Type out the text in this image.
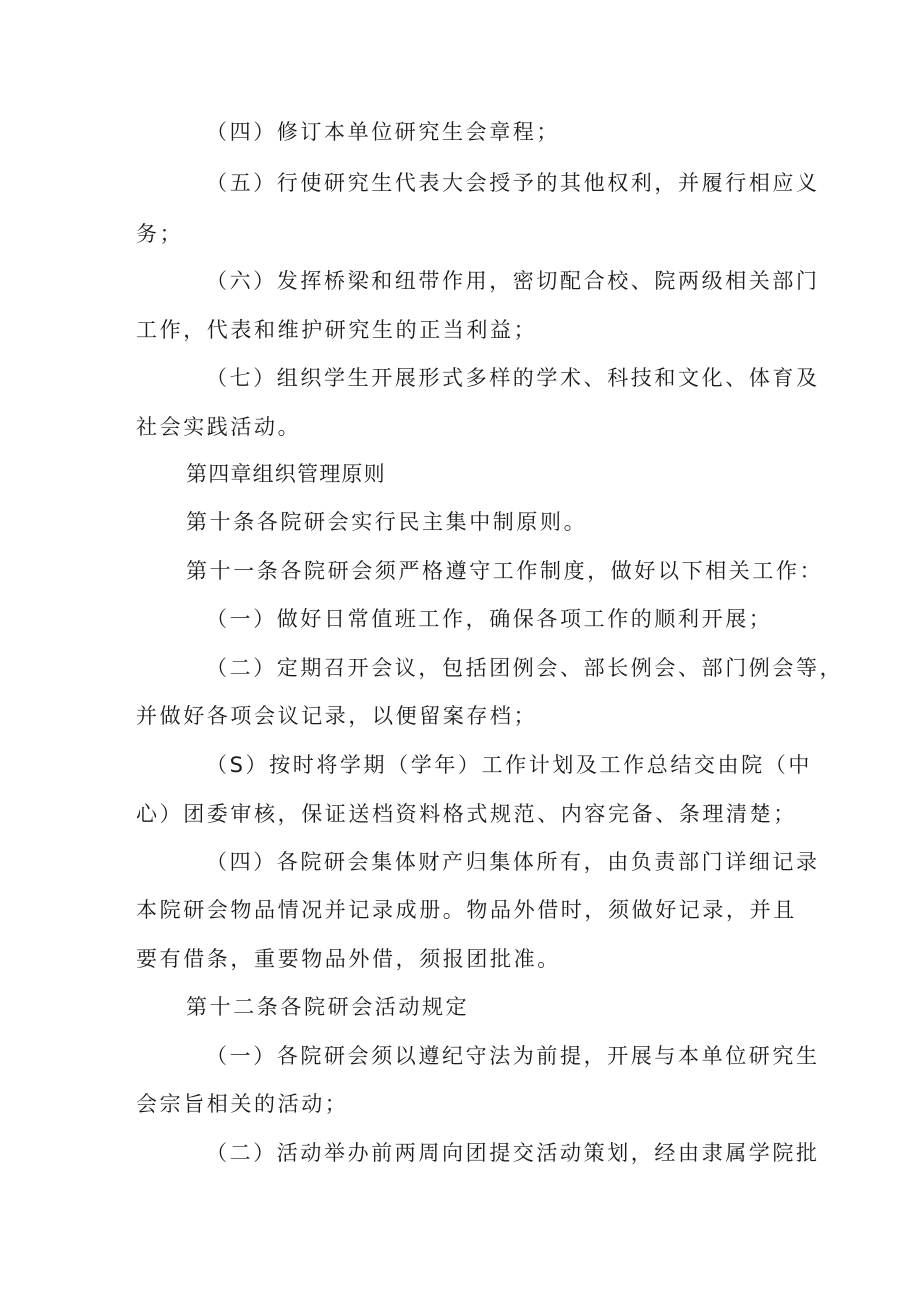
（四）修订本单位研究生会章程；
（五）行使研究生代表大会授予的其他权利，并履行相应义
务；
（六）发挥桥梁和纽带作用，密切配合校、院两级相关部门
工作，代表和维护研究生的正当利益；
（七）组织学生开展形式多样的学术、科技和文化、体育及
社会实践活动。
第四章组织管理原则
第十条各院研会实行民主集中制原则。
第十一条各院研会须严格遵守工作制度，做好以下相关工作：
（一）做好日常值班工作，确保各项工作的顺利开展；
（二）定期召开会议，包括团例会、部长例会、部门例会等，
并做好各项会议记录，以便留案存档；
（S）按时将学期（学年）工作计划及工作总结交由院（中
心）团委审核，保证送档资料格式规范、内容完备、条理清楚；
（四）各院研会集体财产归集体所有，由负责部门详细记录
本院研会物品情况并记录成册。物品外借时，须做好记录，并且
要有借条，重要物品外借，须报团批准。
第十二条各院研会活动规定
（一）各院研会须以遵纪守法为前提，开展与本单位研究生
会宗旨相关的活动；
（二）活动举办前两周向团提交活动策划，经由隶属学院批
